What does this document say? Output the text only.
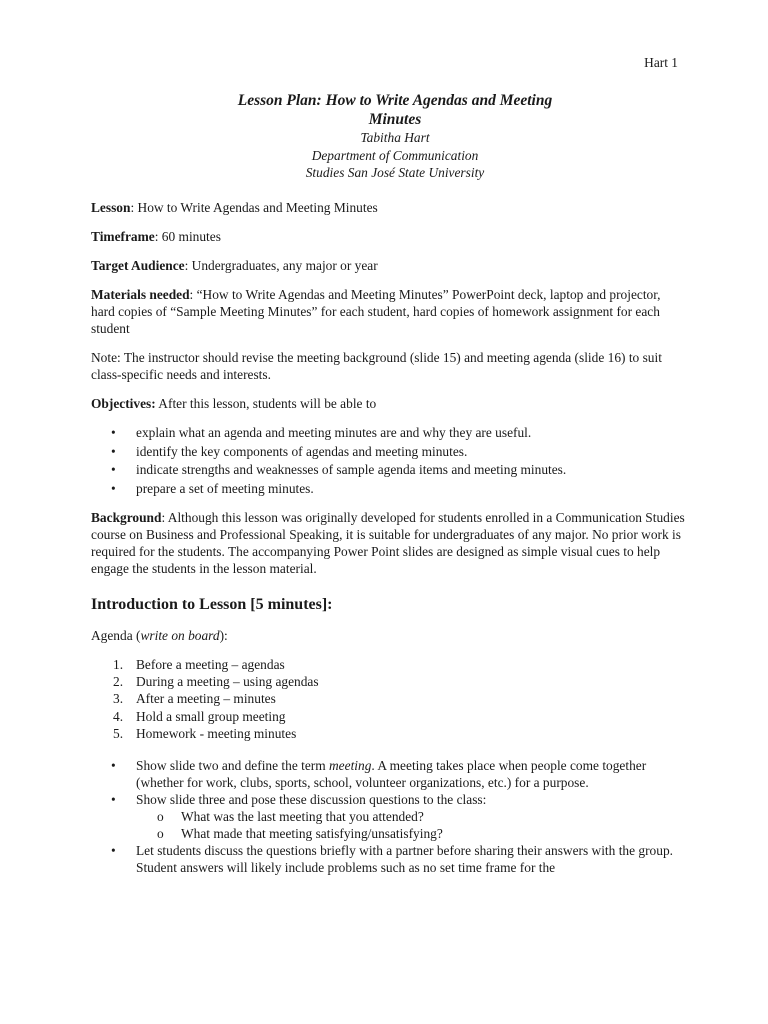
Hart 1
Lesson Plan: How to Write Agendas and Meeting
Minutes
Tabitha Hart
Department of Communication
Studies San José State University

Lesson: How to Write Agendas and Meeting Minutes

Timeframe: 60 minutes

Target Audience: Undergraduates, any major or year

Materials needed: “How to Write Agendas and Meeting Minutes” PowerPoint deck, laptop and projector, hard copies of “Sample Meeting Minutes” for each student, hard copies of homework assignment for each student

Note: The instructor should revise the meeting background (slide 15) and meeting agenda (slide 16) to suit class-specific needs and interests.

Objectives: After this lesson, students will be able to

• explain what an agenda and meeting minutes are and why they are useful.
• identify the key components of agendas and meeting minutes.
• indicate strengths and weaknesses of sample agenda items and meeting minutes.
• prepare a set of meeting minutes.

Background: Although this lesson was originally developed for students enrolled in a Communication Studies course on Business and Professional Speaking, it is suitable for undergraduates of any major. No prior work is required for the students. The accompanying Power Point slides are designed as simple visual cues to help engage the students in the lesson material.

Introduction to Lesson [5 minutes]:

Agenda (write on board):

1. Before a meeting – agendas
2. During a meeting – using agendas
3. After a meeting – minutes
4. Hold a small group meeting
5. Homework - meeting minutes
• Show slide two and define the term meeting. A meeting takes place when people come together (whether for work, clubs, sports, school, volunteer organizations, etc.) for a purpose.
• Show slide three and pose these discussion questions to the class:
o What was the last meeting that you attended?
o What made that meeting satisfying/unsatisfying?
• Let students discuss the questions briefly with a partner before sharing their answers with the group. Student answers will likely include problems such as no set time frame for the
